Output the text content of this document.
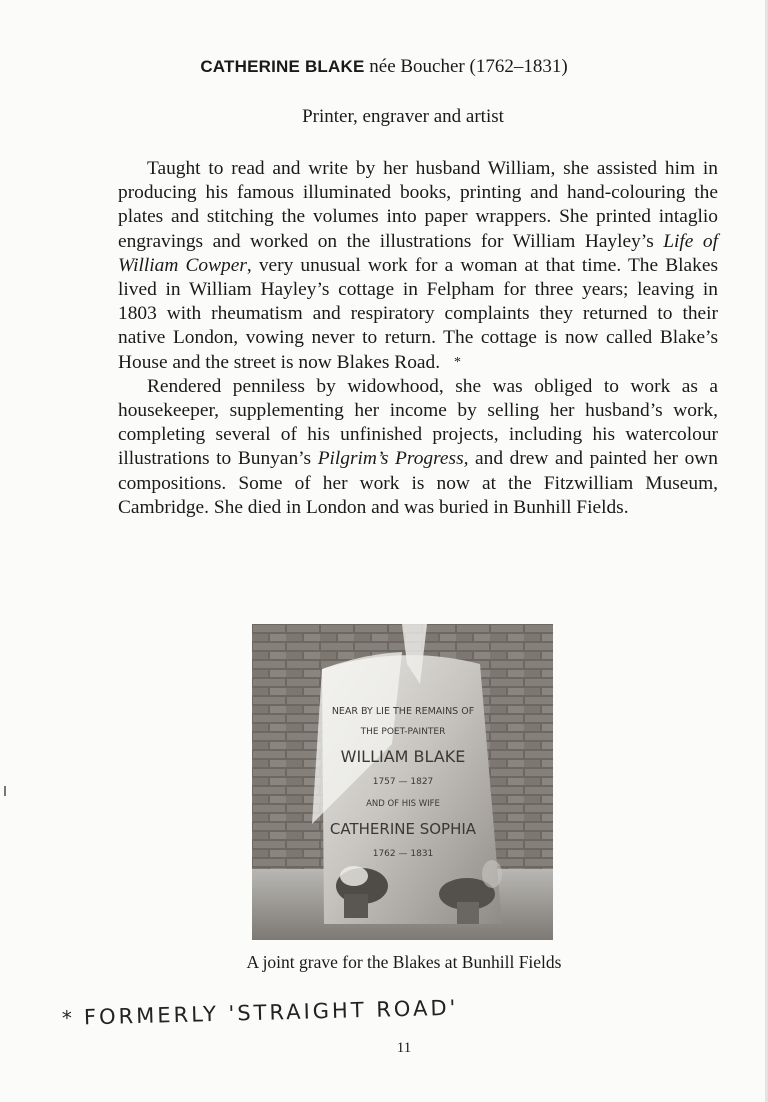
CATHERINE BLAKE née Boucher (1762–1831)
Printer, engraver and artist

Taught to read and write by her husband William, she assisted him in producing his famous illuminated books, printing and hand-colouring the plates and stitching the volumes into paper wrappers. She printed intaglio engravings and worked on the illustrations for William Hayley’s Life of William Cowper, very unusual work for a woman at that time. The Blakes lived in William Hayley’s cottage in Felpham for three years; leaving in 1803 with rheumatism and respiratory complaints they returned to their native London, vowing never to return. The cottage is now called Blake’s House and the street is now Blakes Road. *

Rendered penniless by widowhood, she was obliged to work as a housekeeper, supplementing her income by selling her husband’s work, completing several of his unfinished projects, including his watercolour illustrations to Bunyan’s Pilgrim’s Progress, and drew and painted her own compositions. Some of her work is now at the Fitzwilliam Museum, Cambridge. She died in London and was buried in Bunhill Fields.

NEAR BY LIE THE REMAINS OF
THE POET-PAINTER
WILLIAM BLAKE
1757 — 1827
AND OF HIS WIFE
CATHERINE SOPHIA
1762 — 1831
A joint grave for the Blakes at Bunhill Fields
* FORMERLY 'STRAIGHT ROAD'
11
